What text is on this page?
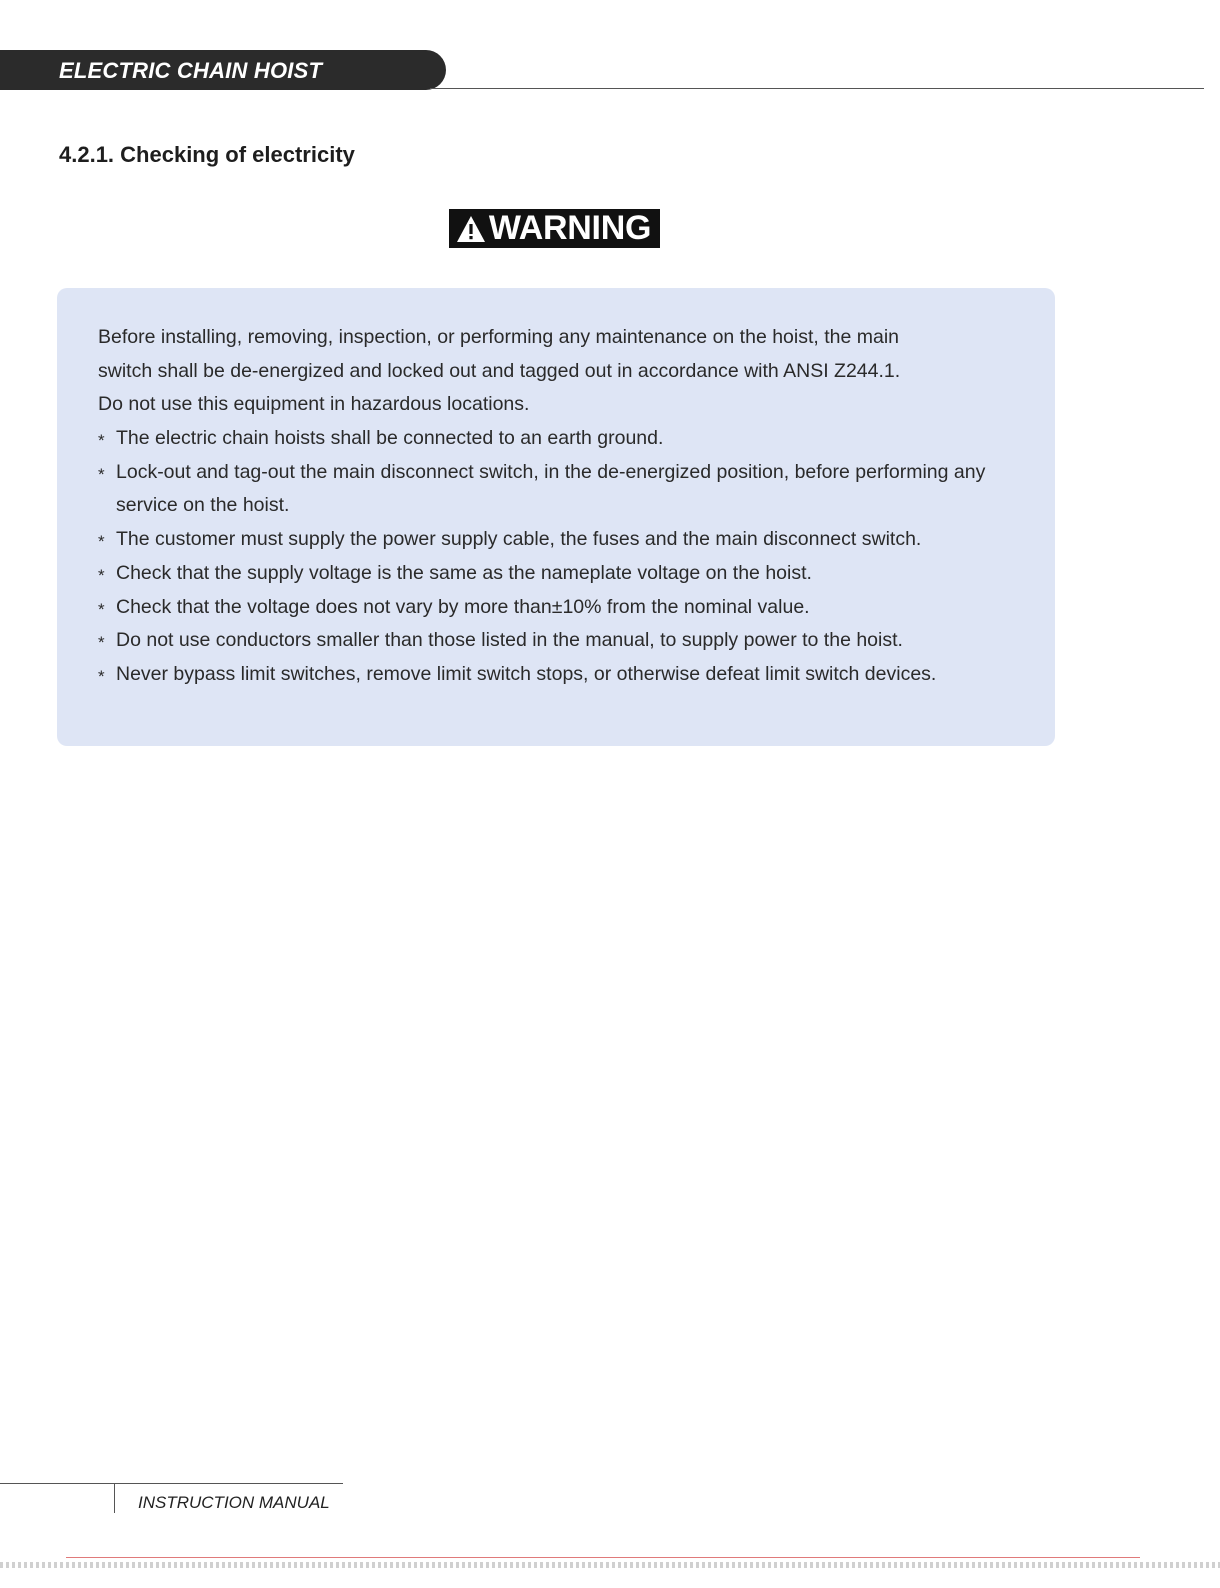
ELECTRIC CHAIN HOIST
4.2.1. Checking of electricity
WARNING
Before installing, removing, inspection, or performing any maintenance on the hoist, the main
switch shall be de-energized and locked out and tagged out in accordance with ANSI Z244.1.
Do not use this equipment in hazardous locations.
* The electric chain hoists shall be connected to an earth ground.
* Lock-out and tag-out the main disconnect switch, in the de-energized position, before performing any service on the hoist.
* The customer must supply the power supply cable, the fuses and the main disconnect switch.
* Check that the supply voltage is the same as the nameplate voltage on the hoist.
* Check that the voltage does not vary by more than±10% from the nominal value.
* Do not use conductors smaller than those listed in the manual, to supply power to the hoist.
* Never bypass limit switches, remove limit switch stops, or otherwise defeat limit switch devices.
INSTRUCTION MANUAL
